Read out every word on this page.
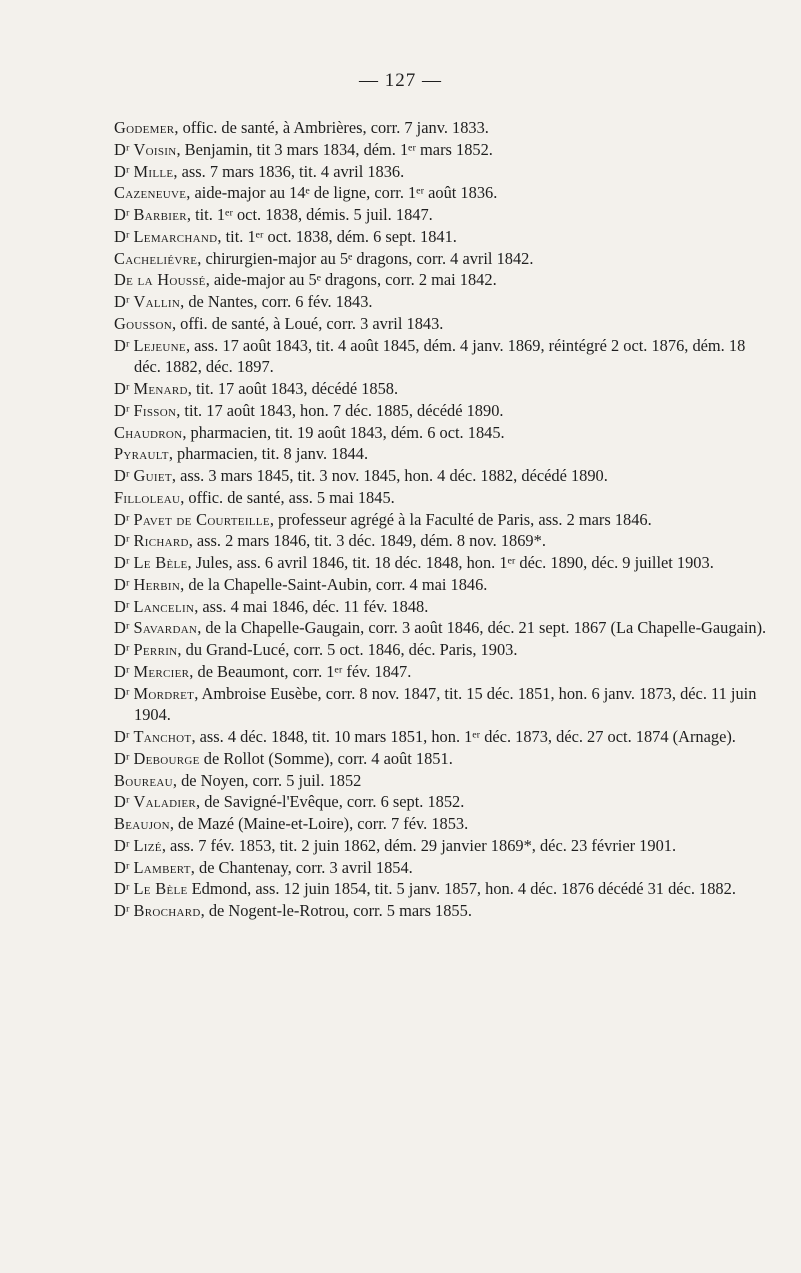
— 127 —

Godemer, offic. de santé, à Ambrières, corr. 7 janv. 1833.

Dʳ Voisin, Benjamin, tit 3 mars 1834, dém. 1ᵉʳ mars 1852.

Dʳ Mille, ass. 7 mars 1836, tit. 4 avril 1836.

Cazeneuve, aide-major au 14ᵉ de ligne, corr. 1ᵉʳ août 1836.

Dʳ Barbier, tit. 1ᵉʳ oct. 1838, démis. 5 juil. 1847.

Dʳ Lemarchand, tit. 1ᵉʳ oct. 1838, dém. 6 sept. 1841.

Cacheliévre, chirurgien-major au 5ᵉ dragons, corr. 4 avril 1842.

De la Houssé, aide-major au 5ᵉ dragons, corr. 2 mai 1842.

Dʳ Vallin, de Nantes, corr. 6 fév. 1843.

Gousson, offi. de santé, à Loué, corr. 3 avril 1843.

Dʳ Lejeune, ass. 17 août 1843, tit. 4 août 1845, dém. 4 janv. 1869, réintégré 2 oct. 1876, dém. 18 déc. 1882, déc. 1897.

Dʳ Menard, tit. 17 août 1843, décédé 1858.

Dʳ Fisson, tit. 17 août 1843, hon. 7 déc. 1885, décédé 1890.

Chaudron, pharmacien, tit. 19 août 1843, dém. 6 oct. 1845.

Pyrault, pharmacien, tit. 8 janv. 1844.

Dʳ Guiet, ass. 3 mars 1845, tit. 3 nov. 1845, hon. 4 déc. 1882, décédé 1890.

Filloleau, offic. de santé, ass. 5 mai 1845.

Dʳ Pavet de Courteille, professeur agrégé à la Faculté de Paris, ass. 2 mars 1846.

Dʳ Richard, ass. 2 mars 1846, tit. 3 déc. 1849, dém. 8 nov. 1869*.

Dʳ Le Bèle, Jules, ass. 6 avril 1846, tit. 18 déc. 1848, hon. 1ᵉʳ déc. 1890, déc. 9 juillet 1903.

Dʳ Herbin, de la Chapelle-Saint-Aubin, corr. 4 mai 1846.

Dʳ Lancelin, ass. 4 mai 1846, déc. 11 fév. 1848.

Dʳ Savardan, de la Chapelle-Gaugain, corr. 3 août 1846, déc. 21 sept. 1867 (La Chapelle-Gaugain).

Dʳ Perrin, du Grand-Lucé, corr. 5 oct. 1846, déc. Paris, 1903.

Dʳ Mercier, de Beaumont, corr. 1ᵉʳ fév. 1847.

Dʳ Mordret, Ambroise Eusèbe, corr. 8 nov. 1847, tit. 15 déc. 1851, hon. 6 janv. 1873, déc. 11 juin 1904.

Dʳ Tanchot, ass. 4 déc. 1848, tit. 10 mars 1851, hon. 1ᵉʳ déc. 1873, déc. 27 oct. 1874 (Arnage).

Dʳ Debourge de Rollot (Somme), corr. 4 août 1851.

Boureau, de Noyen, corr. 5 juil. 1852

Dʳ Valadier, de Savigné-l'Evêque, corr. 6 sept. 1852.

Beaujon, de Mazé (Maine-et-Loire), corr. 7 fév. 1853.

Dʳ Lizé, ass. 7 fév. 1853, tit. 2 juin 1862, dém. 29 janvier 1869*, déc. 23 février 1901.

Dʳ Lambert, de Chantenay, corr. 3 avril 1854.

Dʳ Le Bèle Edmond, ass. 12 juin 1854, tit. 5 janv. 1857, hon. 4 déc. 1876 décédé 31 déc. 1882.

Dʳ Brochard, de Nogent-le-Rotrou, corr. 5 mars 1855.
